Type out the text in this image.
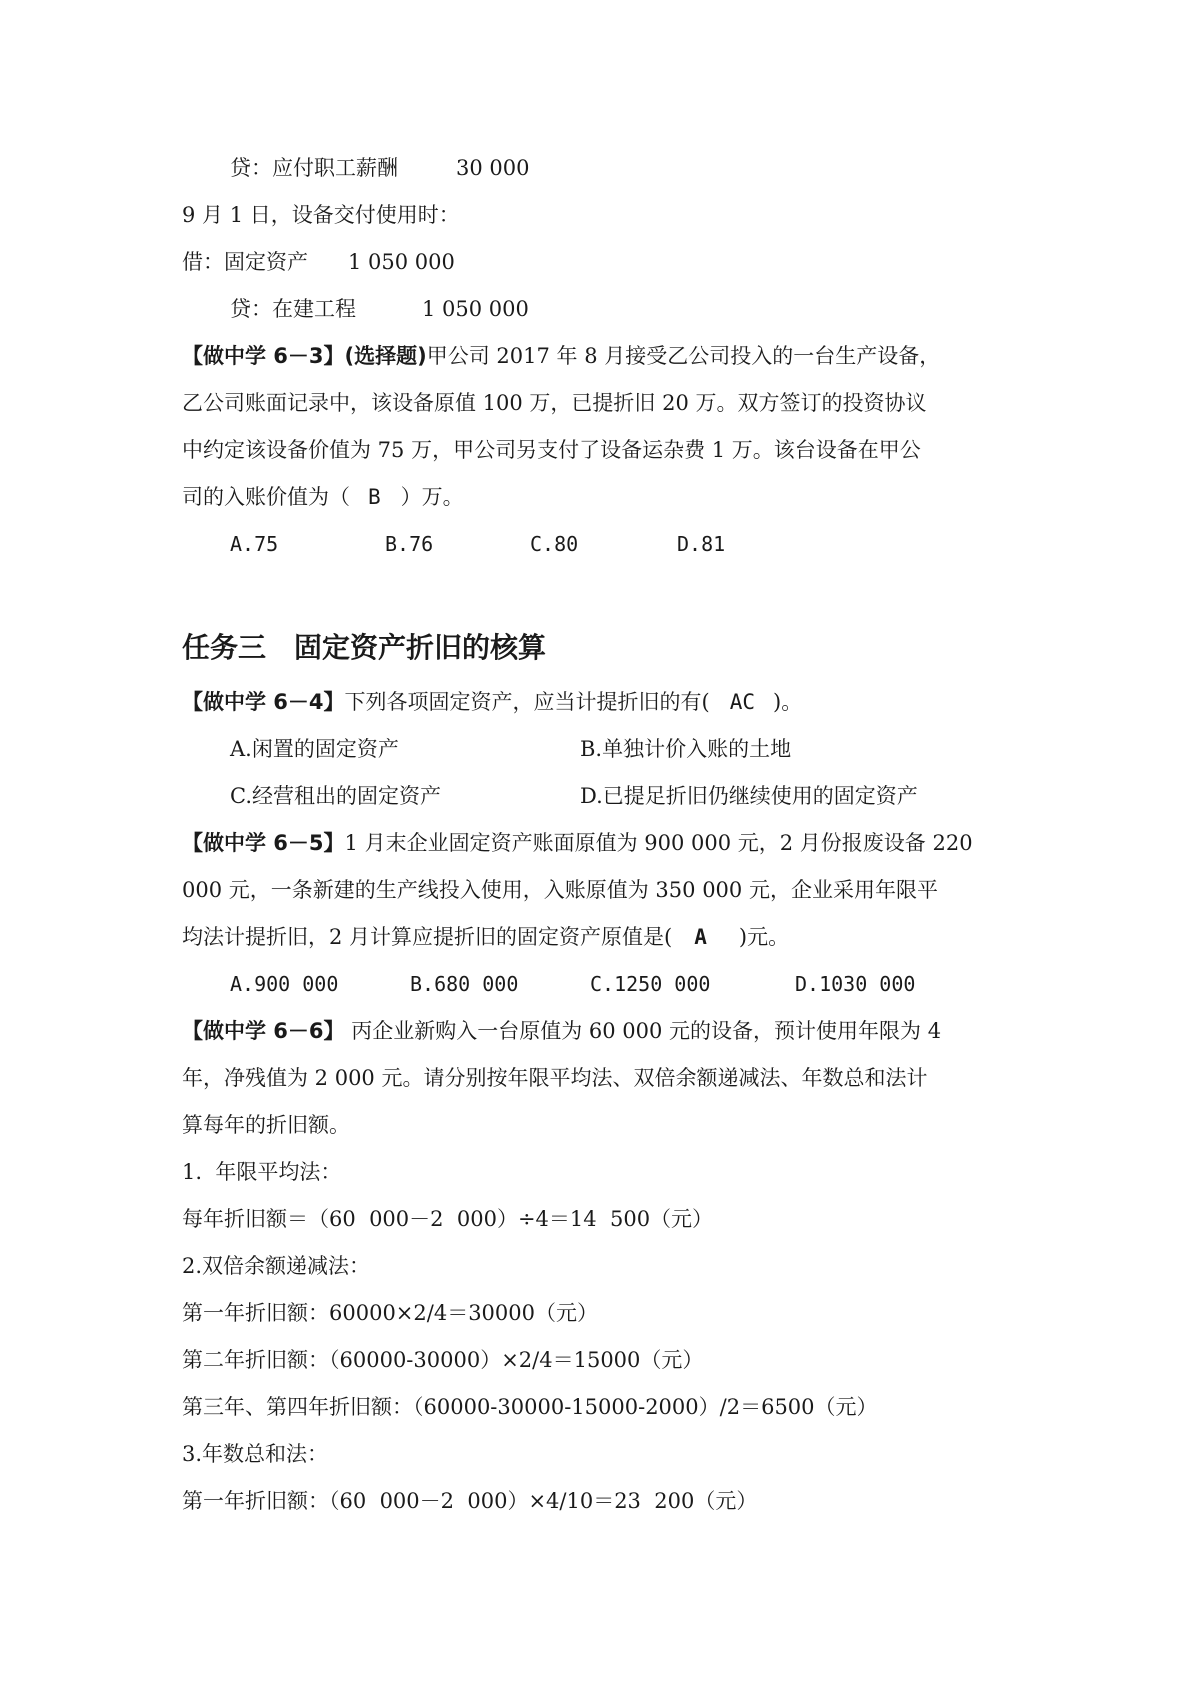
贷：应付职工薪酬	30 000
9 月 1 日，设备交付使用时：
借：固定资产 1 050 000
贷：在建工程	1 050 000
【做中学 6－3】(选择题)甲公司 2017 年 8 月接受乙公司投入的一台生产设备，
乙公司账面记录中，该设备原值 100 万，已提折旧 20 万。双方签订的投资协议
中约定该设备价值为 75 万，甲公司另支付了设备运杂费 1 万。该台设备在甲公
司的入账价值为（ B ）万。
A.75	B.76	C.80	D.81
任务三　固定资产折旧的核算
【做中学 6－4】下列各项固定资产，应当计提折旧的有( AC )。
A.闲置的固定资产	B.单独计价入账的土地
C.经营租出的固定资产	D.已提足折旧仍继续使用的固定资产
【做中学 6－5】1 月末企业固定资产账面原值为 900 000 元，2 月份报废设备 220
000 元，一条新建的生产线投入使用，入账原值为 350 000 元，企业采用年限平
均法计提折旧，2 月计算应提折旧的固定资产原值是( A )元。
A.900 000	B.680 000	C.1250 000	D.1030 000
【做中学 6－6】 丙企业新购入一台原值为 60 000 元的设备，预计使用年限为 4
年，净残值为 2 000 元。请分别按年限平均法、双倍余额递减法、年数总和法计
算每年的折旧额。
1.  年限平均法：
每年折旧额＝（60  000－2  000）÷4＝14  500（元）
2.双倍余额递减法：
第一年折旧额：60000×2/4＝30000（元）
第二年折旧额：（60000-30000）×2/4＝15000（元）
第三年、第四年折旧额：（60000-30000-15000-2000）/2＝6500（元）
3.年数总和法：
第一年折旧额：（60  000－2  000）×4/10＝23  200（元）
